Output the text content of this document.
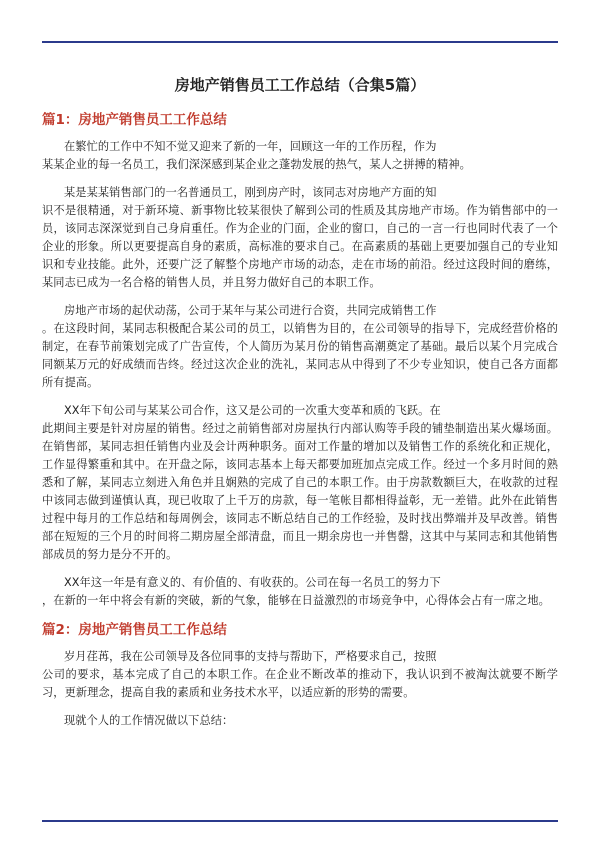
房地产销售员工工作总结（合集5篇）
篇1：房地产销售员工工作总结

在繁忙的工作中不知不觉又迎来了新的一年，回顾这一年的工作历程，作为
某某企业的每一名员工，我们深深感到某企业之蓬勃发展的热气，某人之拼搏的精神。

某是某某销售部门的一名普通员工，刚到房产时，该同志对房地产方面的知
识不是很精通，对于新环境、新事物比较某很快了解到公司的性质及其房地产市场。作为销售部中的一员，该同志深深觉到自己身肩重任。作为企业的门面，企业的窗口，自己的一言一行也同时代表了一个企业的形象。所以更要提高自身的素质，高标准的要求自己。在高素质的基础上更要加强自己的专业知识和专业技能。此外，还要广泛了解整个房地产市场的动态，走在市场的前沿。经过这段时间的磨练，某同志已成为一名合格的销售人员，并且努力做好自己的本职工作。

房地产市场的起伏动荡，公司于某年与某公司进行合资，共同完成销售工作
。在这段时间，某同志积极配合某公司的员工，以销售为目的，在公司领导的指导下，完成经营价格的制定，在春节前策划完成了广告宣传，个人简历为某月份的销售高潮奠定了基础。最后以某个月完成合同额某万元的好成绩而告终。经过这次企业的洗礼，某同志从中得到了不少专业知识，使自己各方面都所有提高。

XX年下旬公司与某某公司合作，这又是公司的一次重大变革和质的飞跃。在
此期间主要是针对房屋的销售。经过之前销售部对房屋执行内部认购等手段的铺垫制造出某火爆场面。在销售部，某同志担任销售内业及会计两种职务。面对工作量的增加以及销售工作的系统化和正规化，工作显得繁重和其中。在开盘之际，该同志基本上每天都要加班加点完成工作。经过一个多月时间的熟悉和了解，某同志立刻进入角色并且娴熟的完成了自己的本职工作。由于房款数额巨大，在收款的过程中该同志做到谨慎认真，现已收取了上千万的房款，每一笔帐目都相得益彰，无一差错。此外在此销售过程中每月的工作总结和每周例会，该同志不断总结自己的工作经验，及时找出弊端并及早改善。销售部在短短的三个月的时间将二期房屋全部清盘，而且一期余房也一并售罄，这其中与某同志和其他销售部成员的努力是分不开的。

XX年这一年是有意义的、有价值的、有收获的。公司在每一名员工的努力下
，在新的一年中将会有新的突破，新的气象，能够在日益激烈的市场竞争中，心得体会占有一席之地。

篇2：房地产销售员工工作总结

岁月荏苒，我在公司领导及各位同事的支持与帮助下，严格要求自己，按照
公司的要求，基本完成了自己的本职工作。在企业不断改革的推动下，我认识到不被淘汰就要不断学习，更新理念，提高自我的素质和业务技术水平，以适应新的形势的需要。

现就个人的工作情况做以下总结：
